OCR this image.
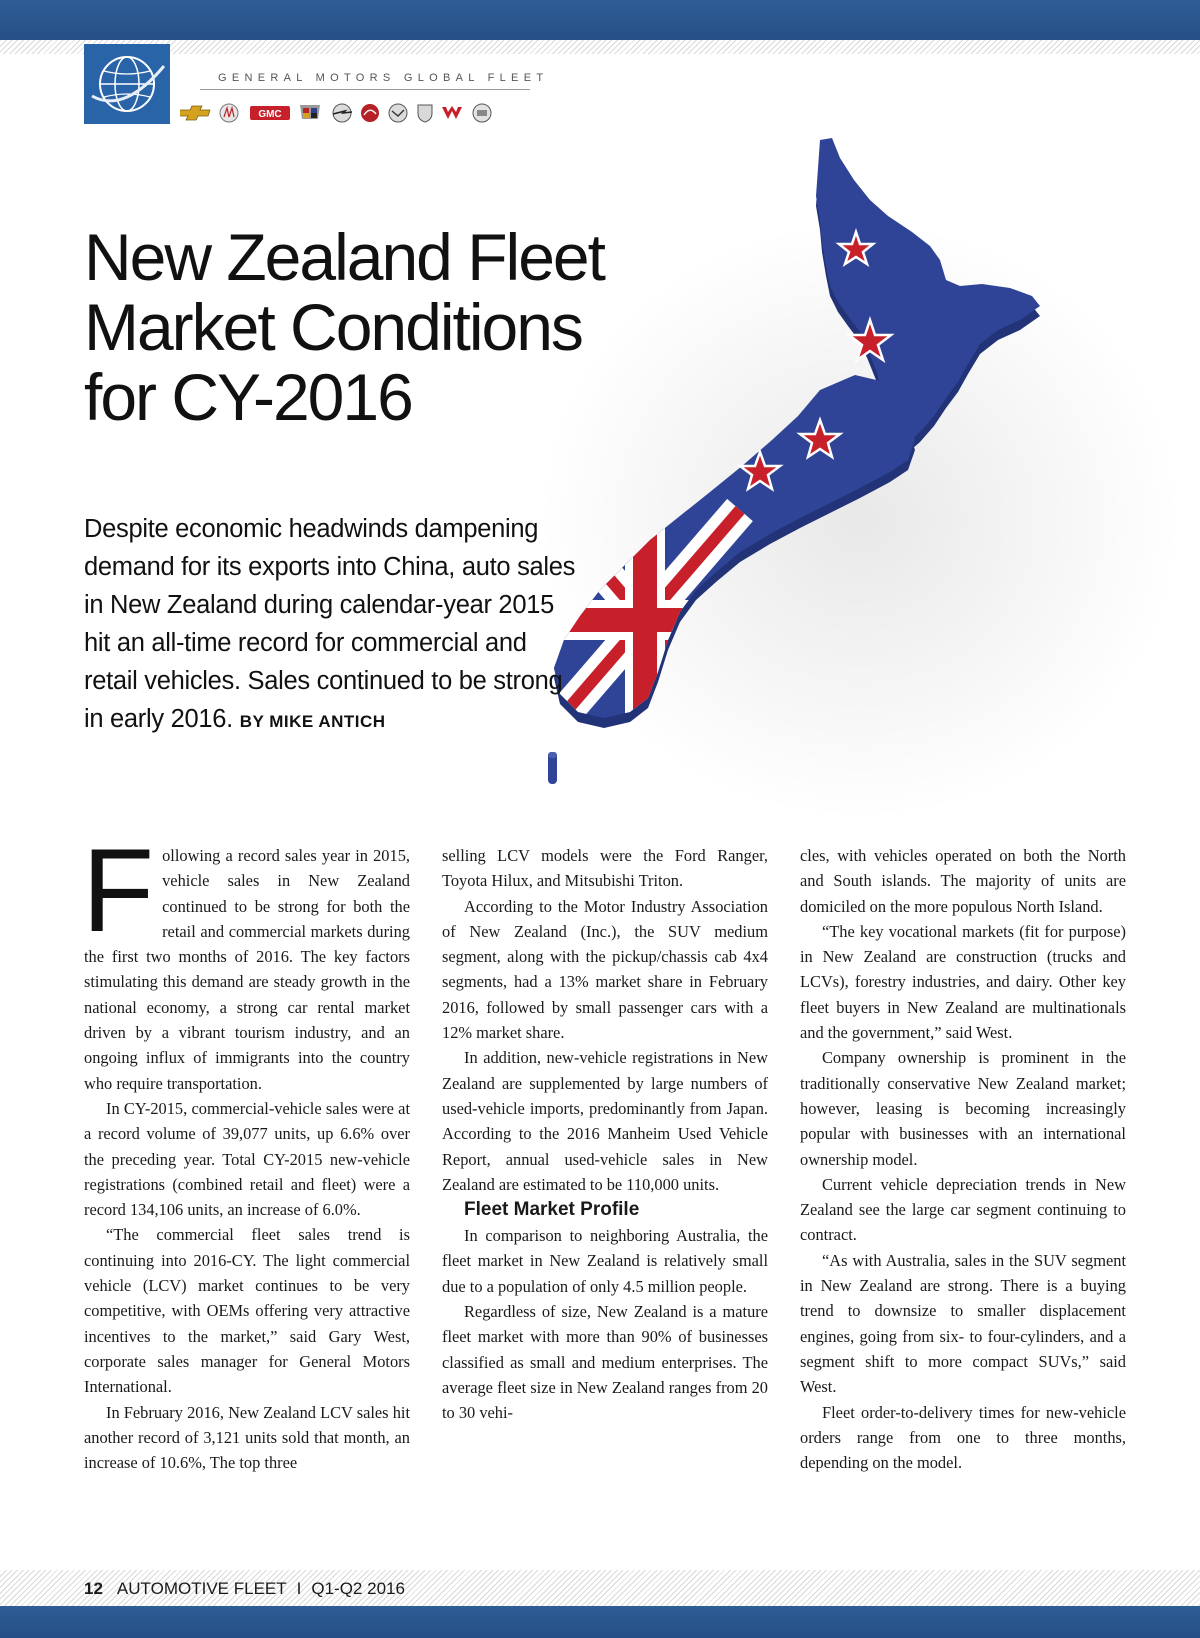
GENERAL MOTORS GLOBAL FLEET
GMC
New Zealand Fleet
Market Conditions
for CY-2016
Despite economic headwinds dampening demand for its exports into China, auto sales in New Zealand during calendar-year 2015 hit an all-time record for commercial and retail vehicles. Sales continued to be strong in early 2016. BY MIKE ANTICH

Following a record sales year in 2015, vehicle sales in New Zealand continued to be strong for both the retail and commercial markets during the first two months of 2016. The key factors stimulating this demand are steady growth in the national economy, a strong car rental market driven by a vibrant tourism industry, and an ongoing influx of immigrants into the country who require transportation.

In CY-2015, commercial-vehicle sales were at a record volume of 39,077 units, up 6.6% over the preceding year. Total CY-2015 new-vehicle registrations (combined retail and fleet) were a record 134,106 units, an increase of 6.0%.

“The commercial fleet sales trend is continuing into 2016-CY. The light commercial vehicle (LCV) market continues to be very competitive, with OEMs offering very attractive incentives to the market,” said Gary West, corporate sales manager for General Motors International.

In February 2016, New Zealand LCV sales hit another record of 3,121 units sold that month, an increase of 10.6%, The top three

selling LCV models were the Ford Ranger, Toyota Hilux, and Mitsubishi Triton.

According to the Motor Industry Association of New Zealand (Inc.), the SUV medium segment, along with the pickup/chassis cab 4x4 segments, had a 13% market share in February 2016, followed by small passenger cars with a 12% market share.

In addition, new-vehicle registrations in New Zealand are supplemented by large numbers of used-vehicle imports, predominantly from Japan. According to the 2016 Manheim Used Vehicle Report, annual used-vehicle sales in New Zealand are estimated to be 110,000 units.

Fleet Market Profile

In comparison to neighboring Australia, the fleet market in New Zealand is relatively small due to a population of only 4.5 million people.

Regardless of size, New Zealand is a mature fleet market with more than 90% of businesses classified as small and medium enterprises. The average fleet size in New Zealand ranges from 20 to 30 vehi-

cles, with vehicles operated on both the North and South islands. The majority of units are domiciled on the more populous North Island.

“The key vocational markets (fit for purpose) in New Zealand are construction (trucks and LCVs), forestry industries, and dairy. Other key fleet buyers in New Zealand are multinationals and the government,” said West.

Company ownership is prominent in the traditionally conservative New Zealand market; however, leasing is becoming increasingly popular with businesses with an international ownership model.

Current vehicle depreciation trends in New Zealand see the large car segment continuing to contract.

“As with Australia, sales in the SUV segment in New Zealand are strong. There is a buying trend to downsize to smaller displacement engines, going from six- to four-cylinders, and a segment shift to more compact SUVs,” said West.

Fleet order-to-delivery times for new-vehicle orders range from one to three months, depending on the model.

12 AUTOMOTIVE FLEET I Q1-Q2 2016
